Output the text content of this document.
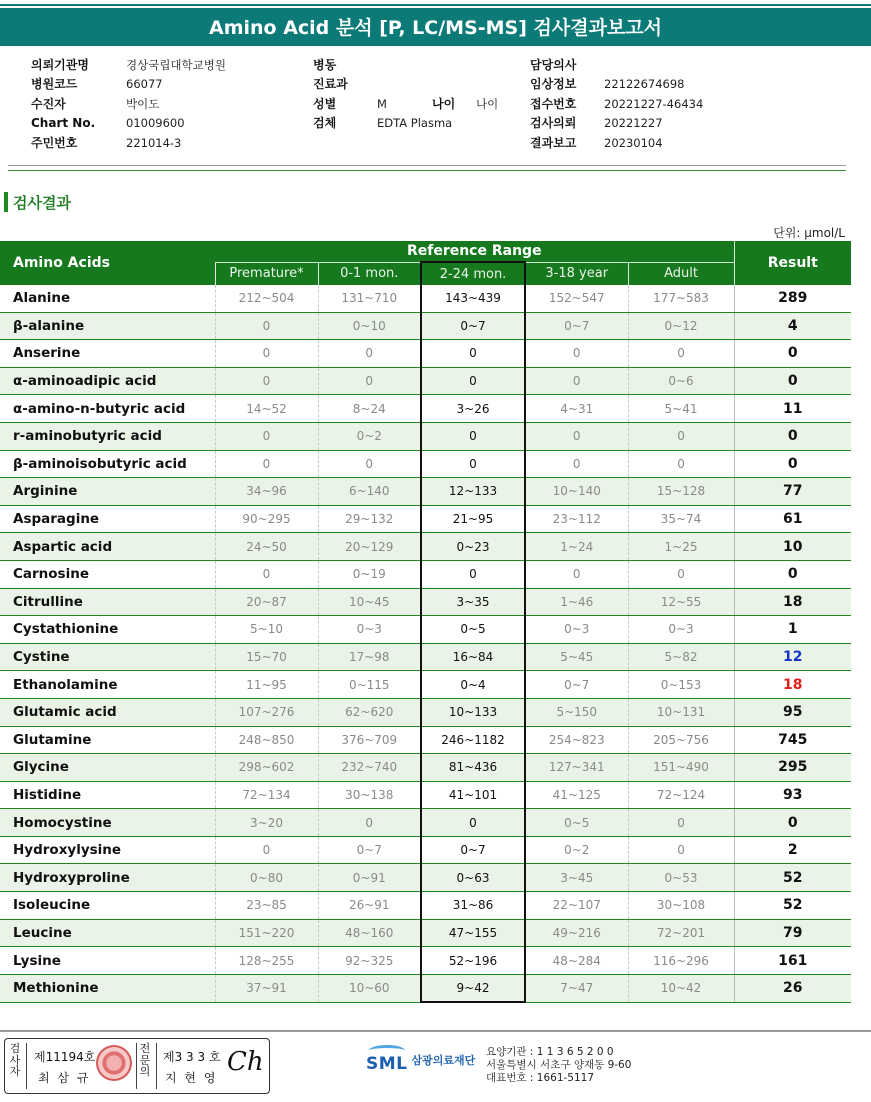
Amino Acid 분석 [P, LC/MS-MS] 검사결과보고서
의뢰기관명	경상국립대학교병원
병원코드	66077
수진자	박이도
Chart No.	01009600
주민번호	221014-3
병동
진료과
성별	M	나이	나이
검체	EDTA Plasma
담당의사
임상정보	22122674698
접수번호	20221227-46434
검사의뢰	20221227
결과보고	20230104
검사결과
단위: μmol/L
Amino Acids	Reference Range					Result
	Premature*	0-1 mon.	2-24 mon.	3-18 year	Adult	
Alanine	212~504	131~710	143~439	152~547	177~583	289
β-alanine	0	0~10	0~7	0~7	0~12	4
Anserine	0	0	0	0	0	0
α-aminoadipic acid	0	0	0	0	0~6	0
α-amino-n-butyric acid	14~52	8~24	3~26	4~31	5~41	11
r-aminobutyric acid	0	0~2	0	0	0	0
β-aminoisobutyric acid	0	0	0	0	0	0
Arginine	34~96	6~140	12~133	10~140	15~128	77
Asparagine	90~295	29~132	21~95	23~112	35~74	61
Aspartic acid	24~50	20~129	0~23	1~24	1~25	10
Carnosine	0	0~19	0	0	0	0
Citrulline	20~87	10~45	3~35	1~46	12~55	18
Cystathionine	5~10	0~3	0~5	0~3	0~3	1
Cystine	15~70	17~98	16~84	5~45	5~82	12
Ethanolamine	11~95	0~115	0~4	0~7	0~153	18
Glutamic acid	107~276	62~620	10~133	5~150	10~131	95
Glutamine	248~850	376~709	246~1182	254~823	205~756	745
Glycine	298~602	232~740	81~436	127~341	151~490	295
Histidine	72~134	30~138	41~101	41~125	72~124	93
Homocystine	3~20	0	0	0~5	0	0
Hydroxylysine	0	0~7	0~7	0~2	0	2
Hydroxyproline	0~80	0~91	0~63	3~45	0~53	52
Isoleucine	23~85	26~91	31~86	22~107	30~108	52
Leucine	151~220	48~160	47~155	49~216	72~201	79
Lysine	128~255	92~325	52~196	48~284	116~296	161
Methionine	37~91	10~60	9~42	7~47	10~42	26
검
사
자
제11194호
최 삼 규
전
문
의
제3 3 3 호
지 현 영
Ch	SML 삼광의료재단
요양기관 : 1 1 3 6 5 2 0 0
서울특별시 서초구 양재동 9-60
대표번호 : 1661-5117
